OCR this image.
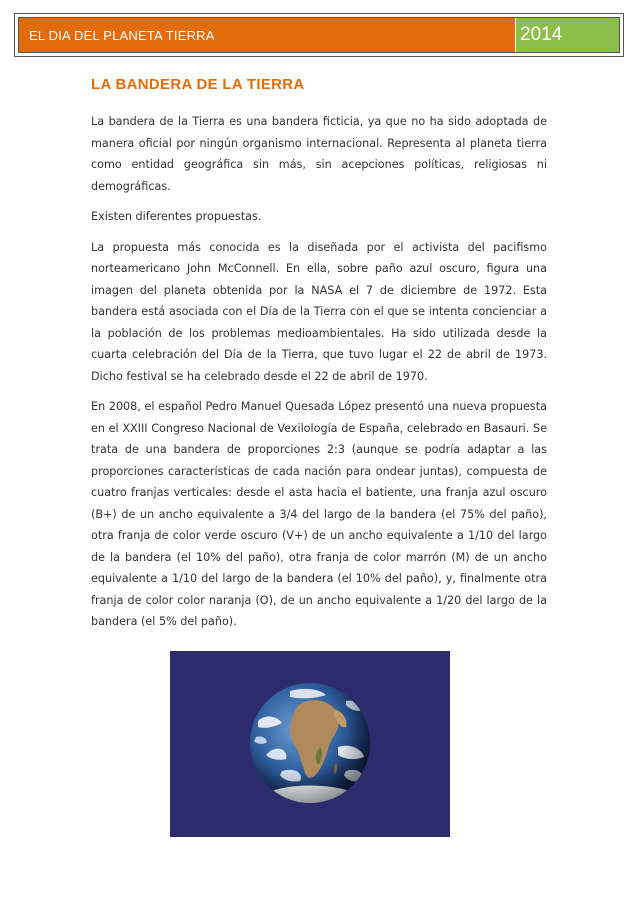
EL DIA DEL PLANETA TIERRA	2014
LA BANDERA DE LA TIERRA

La bandera de la Tierra es una bandera ficticia, ya que no ha sido adoptada de manera oficial por ningún organismo internacional. Representa al planeta tierra como entidad geográfica sin más, sin acepciones políticas, religiosas ni demográficas.

Existen diferentes propuestas.

La propuesta más conocida es la diseñada por el activista del pacifismo norteamericano John McConnell. En ella, sobre paño azul oscuro, figura una imagen del planeta obtenida por la NASA el 7 de diciembre de 1972. Esta bandera está asociada con el Día de la Tierra con el que se intenta concienciar a la población de los problemas medioambientales. Ha sido utilizada desde la cuarta celebración del Día de la Tierra, que tuvo lugar el 22 de abril de 1973. Dicho festival se ha celebrado desde el 22 de abril de 1970.

En 2008, el español Pedro Manuel Quesada López presentó una nueva propuesta en el XXIII Congreso Nacional de Vexilología de España, celebrado en Basauri. Se trata de una bandera de proporciones 2:3 (aunque se podría adaptar a las proporciones características de cada nación para ondear juntas), compuesta de cuatro franjas verticales: desde el asta hacia el batiente, una franja azul oscuro (B+) de un ancho equivalente a 3/4 del largo de la bandera (el 75% del paño), otra franja de color verde oscuro (V+) de un ancho equivalente a 1/10 del largo de la bandera (el 10% del paño), otra franja de color marrón (M) de un ancho equivalente a 1/10 del largo de la bandera (el 10% del paño), y, finalmente otra franja de color color naranja (O), de un ancho equivalente a 1/20 del largo de la bandera (el 5% del paño).
